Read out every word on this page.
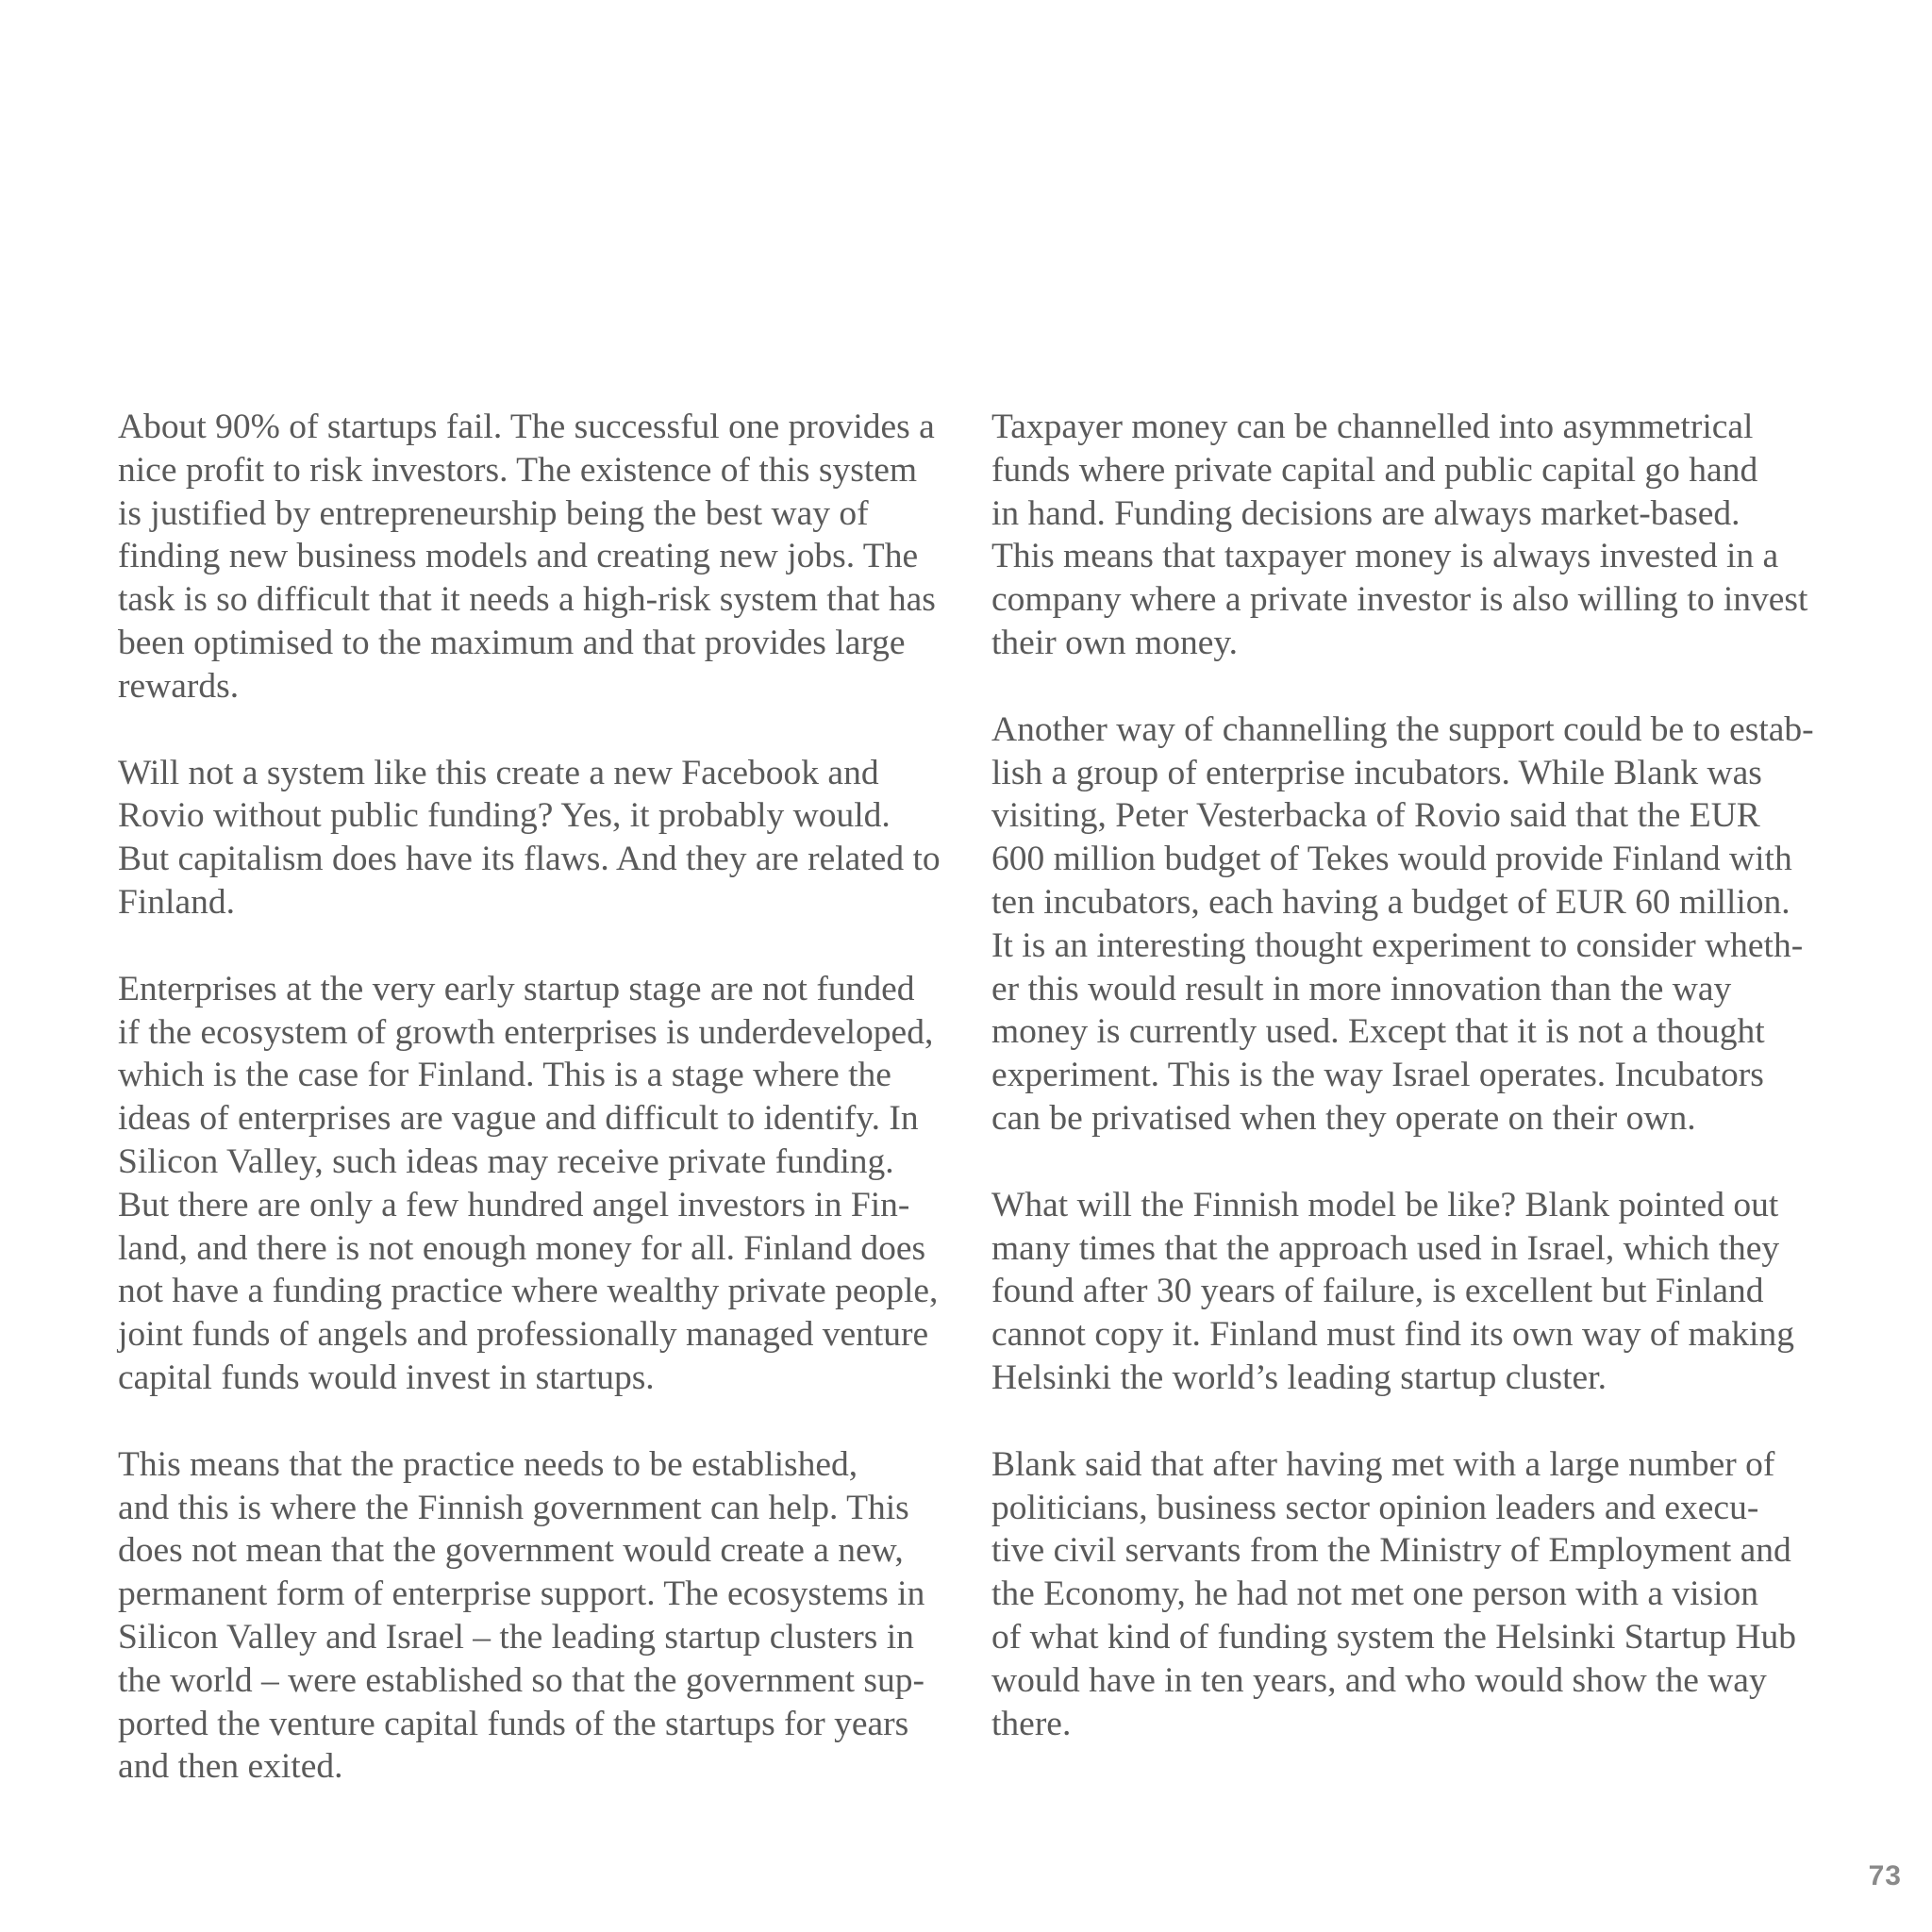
About 90% of startups fail. The successful one provides a
nice profit to risk investors. The existence of this system
is justified by entrepreneurship being the best way of
finding new business models and creating new jobs. The
task is so difficult that it needs a high-risk system that has
been optimised to the maximum and that provides large
rewards.

Will not a system like this create a new Facebook and
Rovio without public funding? Yes, it probably would.
But capitalism does have its flaws. And they are related to
Finland.

Enterprises at the very early startup stage are not funded
if the ecosystem of growth enterprises is underdeveloped,
which is the case for Finland. This is a stage where the
ideas of enterprises are vague and difficult to identify. In
Silicon Valley, such ideas may receive private funding.
But there are only a few hundred angel investors in Fin-
land, and there is not enough money for all. Finland does
not have a funding practice where wealthy private people,
joint funds of angels and professionally managed venture
capital funds would invest in startups.

This means that the practice needs to be established,
and this is where the Finnish government can help. This
does not mean that the government would create a new,
permanent form of enterprise support. The ecosystems in
Silicon Valley and Israel – the leading startup clusters in
the world – were established so that the government sup-
ported the venture capital funds of the startups for years
and then exited.

Taxpayer money can be channelled into asymmetrical
funds where private capital and public capital go hand
in hand. Funding decisions are always market-based.
This means that taxpayer money is always invested in a
company where a private investor is also willing to invest
their own money.

Another way of channelling the support could be to estab-
lish a group of enterprise incubators. While Blank was
visiting, Peter Vesterbacka of Rovio said that the EUR
600 million budget of Tekes would provide Finland with
ten incubators, each having a budget of EUR 60 million.
It is an interesting thought experiment to consider wheth-
er this would result in more innovation than the way
money is currently used. Except that it is not a thought
experiment. This is the way Israel operates. Incubators
can be privatised when they operate on their own.

What will the Finnish model be like? Blank pointed out
many times that the approach used in Israel, which they
found after 30 years of failure, is excellent but Finland
cannot copy it. Finland must find its own way of making
Helsinki the world’s leading startup cluster.

Blank said that after having met with a large number of
politicians, business sector opinion leaders and execu-
tive civil servants from the Ministry of Employment and
the Economy, he had not met one person with a vision
of what kind of funding system the Helsinki Startup Hub
would have in ten years, and who would show the way
there.

73
